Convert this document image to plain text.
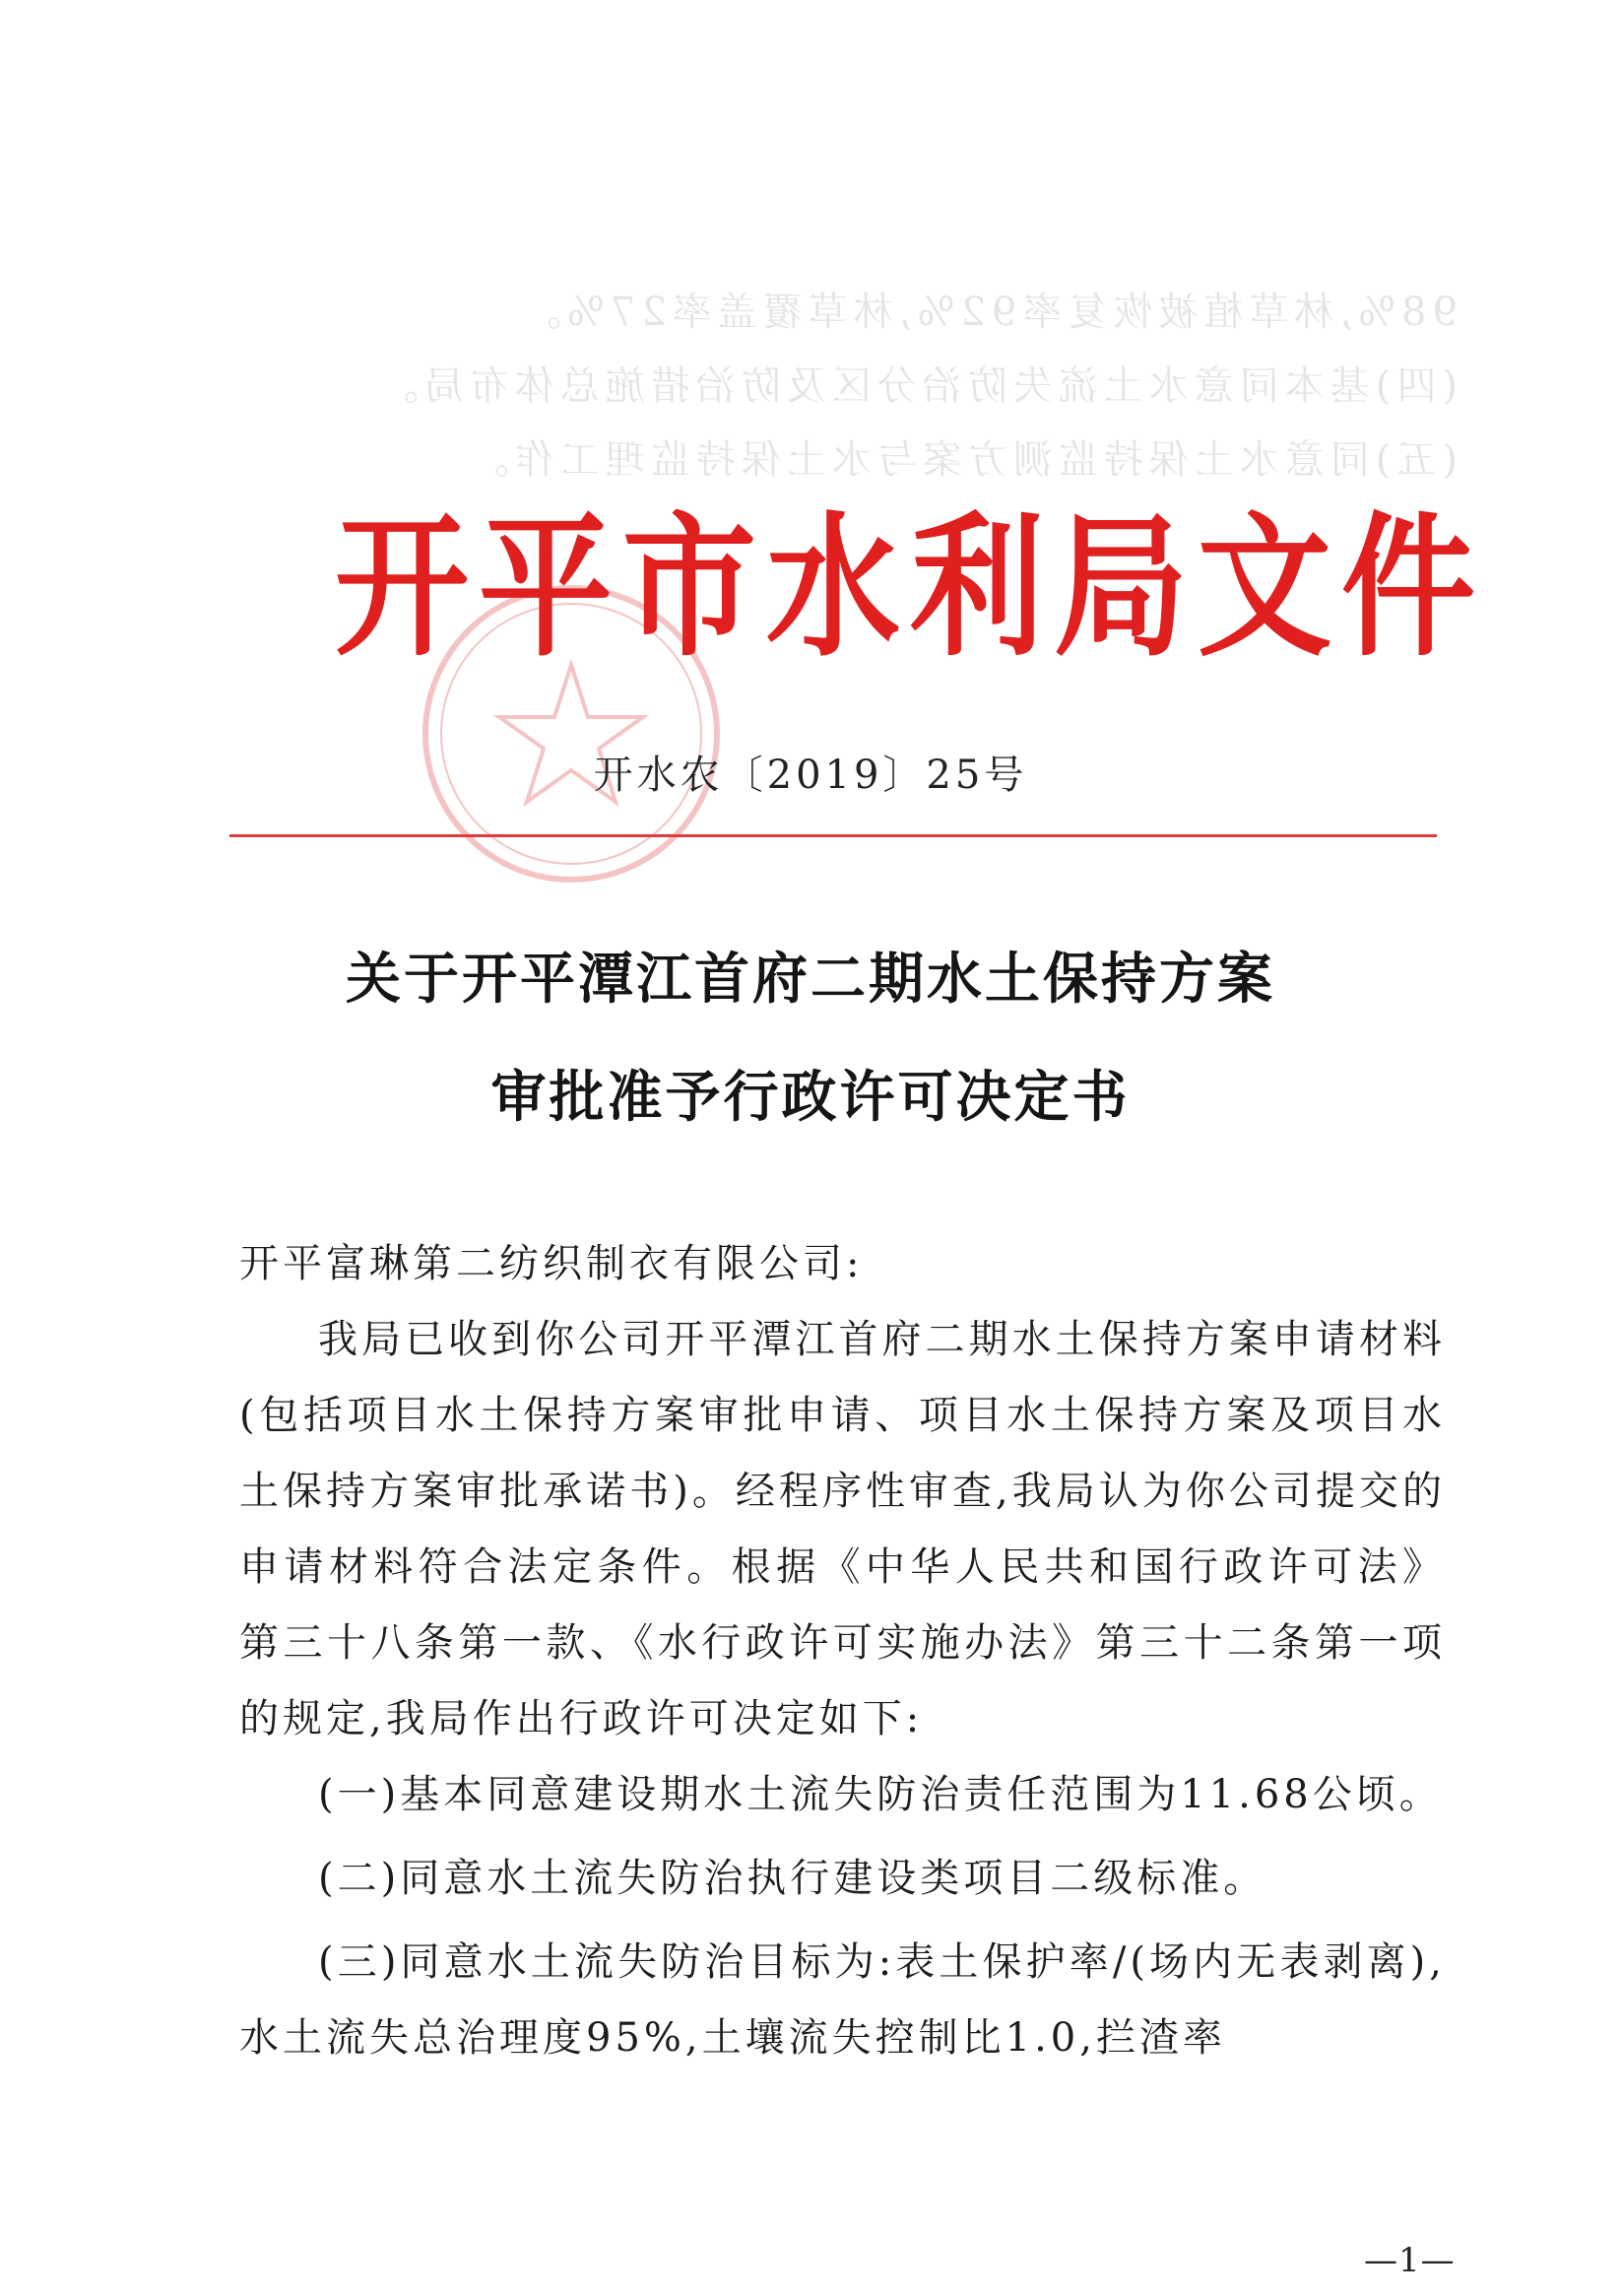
98%,林草植被恢复率92%,林草覆盖率27%。
(四)基本同意水土流失防治分区及防治措施总体布局。
(五)同意水土保持监测方案与水土保持监理工作。
开平市水利局文件
开水农〔2019〕25号
关于开平潭江首府二期水土保持方案
审批准予行政许可决定书

开平富琳第二纺织制衣有限公司:

我局已收到你公司开平潭江首府二期水土保持方案申请材料(包括项目水土保持方案审批申请、项目水土保持方案及项目水土保持方案审批承诺书)。经程序性审查,我局认为你公司提交的申请材料符合法定条件。根据《中华人民共和国行政许可法》第三十八条第一款、《水行政许可实施办法》第三十二条第一项的规定,我局作出行政许可决定如下:

(一)基本同意建设期水土流失防治责任范围为11.68公顷。

(二)同意水土流失防治执行建设类项目二级标准。

(三)同意水土流失防治目标为:表土保护率/(场内无表剥离),水土流失总治理度95%,土壤流失控制比1.0,拦渣率

—1—
